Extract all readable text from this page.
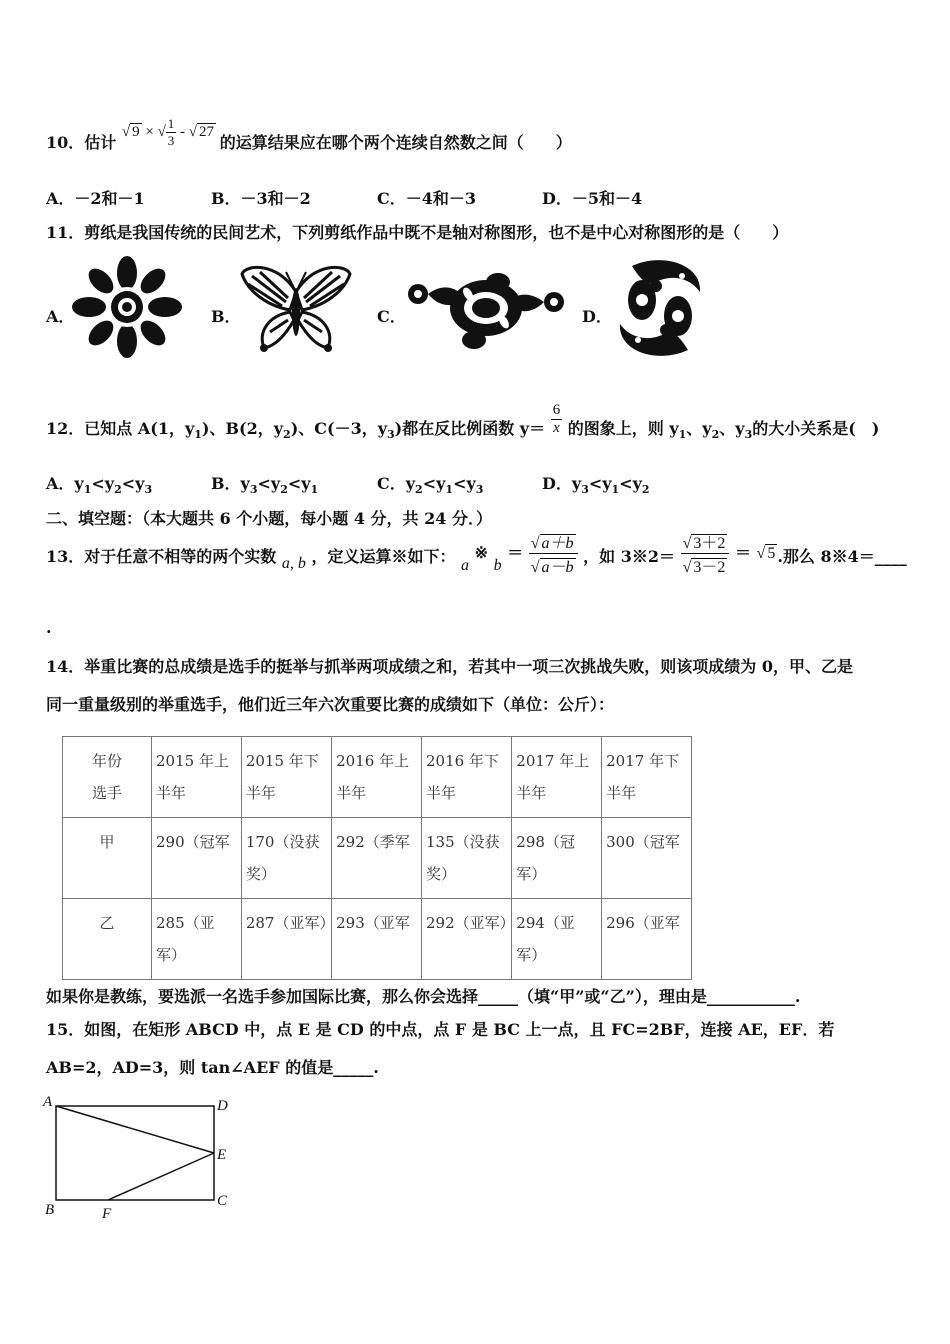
10．估计 √ 9 × √ $\frac{1}{3}$ - √ 27 的运算结果应在哪个两个连续自然数之间（　　）
A．－2和－1	B．－3和－2	C．－4和－3	D．－5和－4
11．剪纸是我国传统的民间艺术，下列剪纸作品中既不是轴对称图形，也不是中心对称图形的是（　　）
A．	B．	C．	D．
12．已知点 A(1，$y_1$)、B(2，$y_2$)、C(－3，$y_3$)都在反比例函数 $y= \frac{6}{x}$ 的图象上，则 $y_1$、$y_2$、$y_3$的大小关系是(　)
A．$y_1<y_2<y_3$	B．$y_3<y_2<y_1$	C．$y_2<y_1<y_3$	D．$y_3<y_1<y_2$
二、填空题：（本大题共 6 个小题，每小题 4 分，共 24 分．）
13．对于任意不相等的两个实数 a, b ，定义运算※如下： a ※ $b = \frac{√ a+b}{√ a-b}$ ，如 3※2＝ $\frac{√ 3+2}{√ 3-2}$ ＝ √ 5 .那么 8※4＝____
.
14．举重比赛的总成绩是选手的挺举与抓举两项成绩之和，若其中一项三次挑战失败，则该项成绩为 0，甲、乙是
同一重量级别的举重选手，他们近三年六次重要比赛的成绩如下（单位：公斤）：
年份
选手	2015 年上半年	2015 年下半年	2016 年上半年	2016 年下半年	2017 年上半年	2017 年下半年
甲	290（冠军	170（没获奖）	292（季军	135（没获奖）	298（冠军）	300（冠军
乙	285（亚军）	287（亚军）	293（亚军	292（亚军）	294（亚军）	296（亚军
如果你是教练，要选派一名选手参加国际比赛，那么你会选择_____（填“甲”或“乙”），理由是___________.
15．如图，在矩形 ABCD 中，点 E 是 CD 的中点，点 F 是 BC 上一点，且 FC=2BF，连接 AE，EF．若
AB=2，AD=3，则 tan∠AEF 的值是_____.
A	D
E
C
B	F
